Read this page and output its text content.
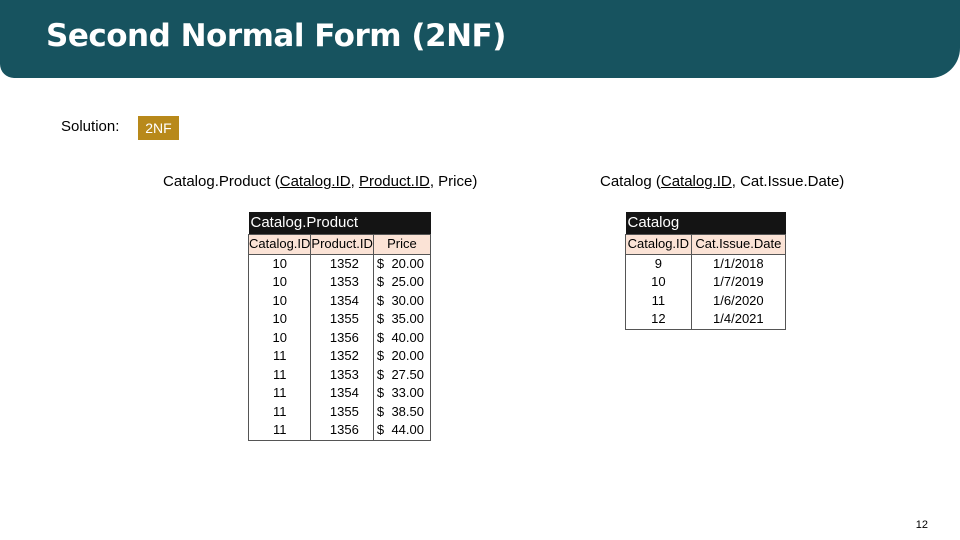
Second Normal Form (2NF)
Solution:	2NF
Catalog.Product (Catalog.ID, Product.ID, Price)	Catalog (Catalog.ID, Cat.Issue.Date)
Catalog.Product		
Catalog.ID	Product.ID	Price
10	1352	$ 20.00
10	1353	$ 25.00
10	1354	$ 30.00
10	1355	$ 35.00
10	1356	$ 40.00
11	1352	$ 20.00
11	1353	$ 27.50
11	1354	$ 33.00
11	1355	$ 38.50
11	1356	$ 44.00
Catalog	
Catalog.ID	Cat.Issue.Date
9	1/1/2018
10	1/7/2019
11	1/6/2020
12	1/4/2021
12
